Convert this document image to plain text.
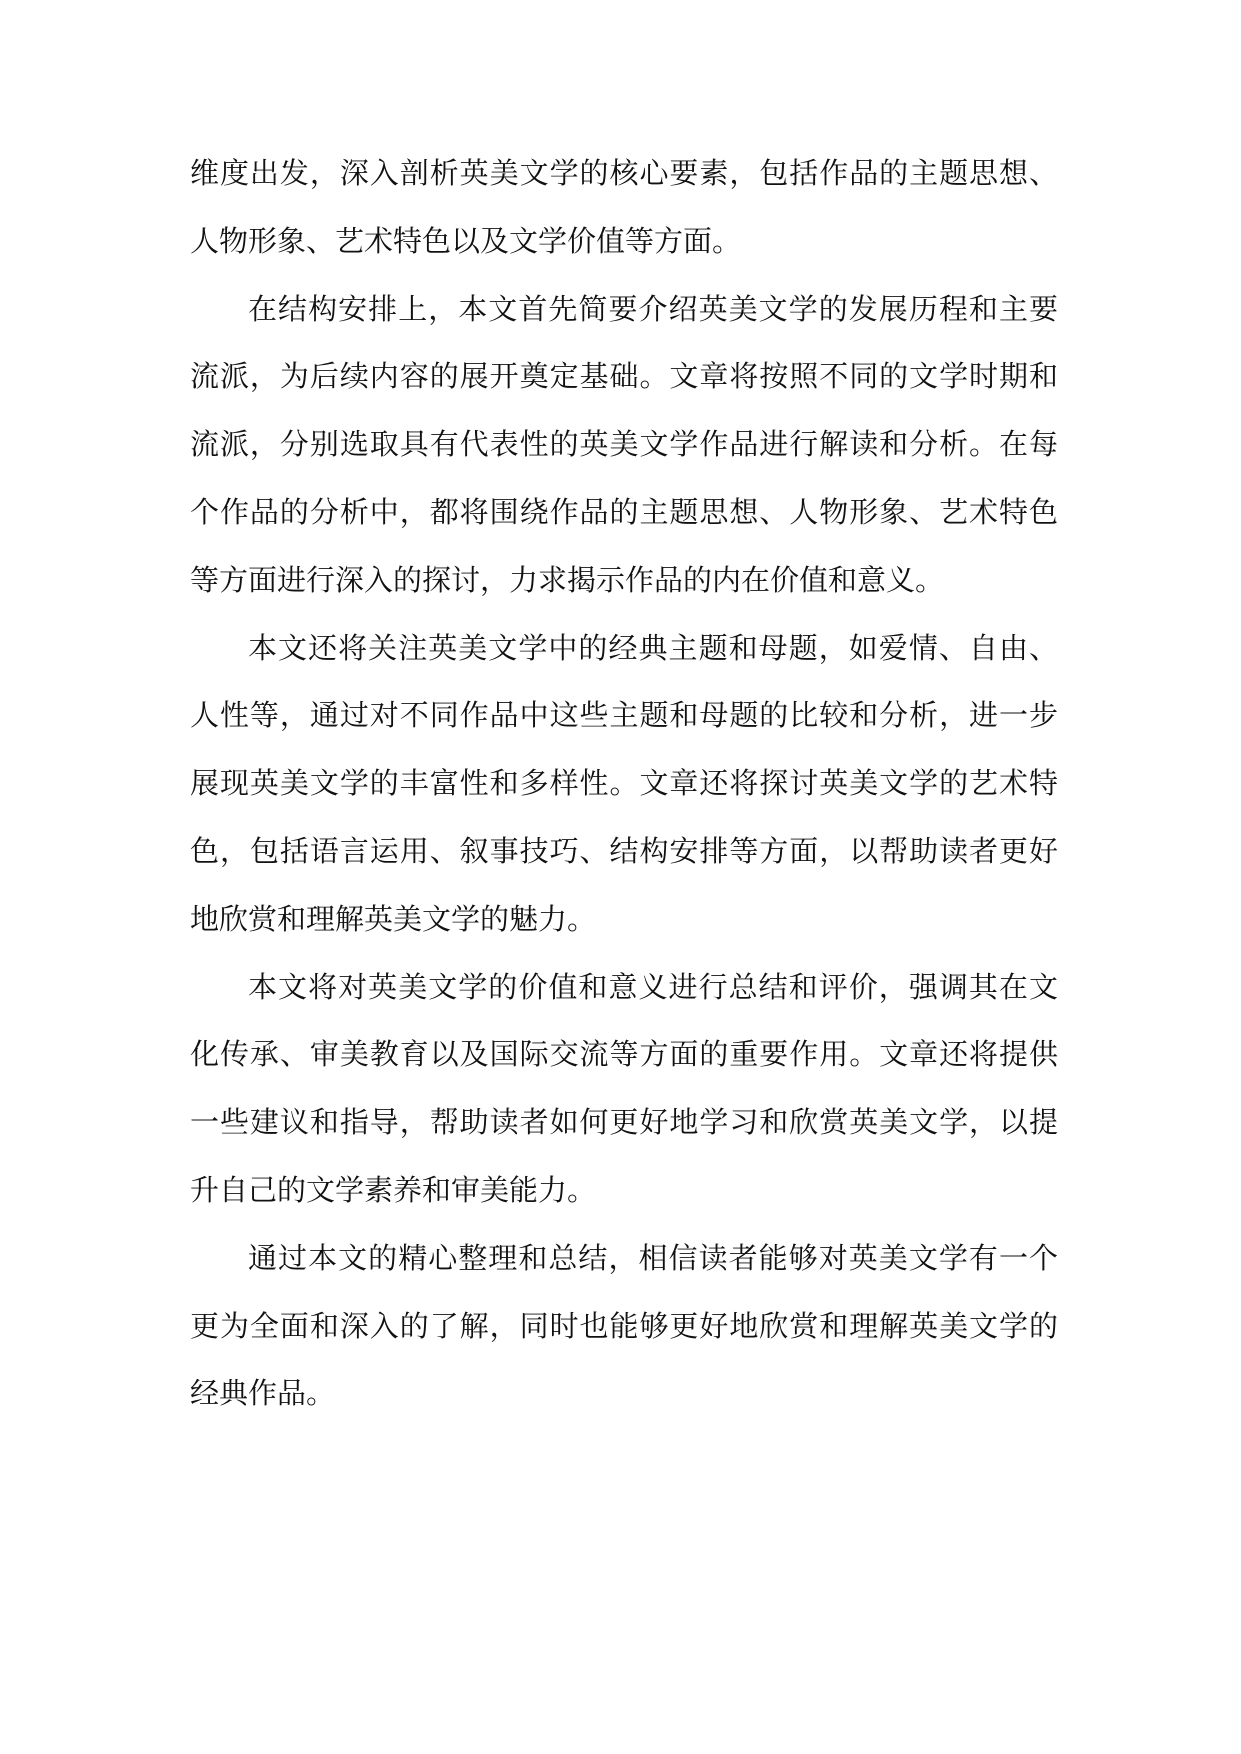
维度出发，深入剖析英美文学的核心要素，包括作品的主题思想、人物形象、艺术特色以及文学价值等方面。

在结构安排上，本文首先简要介绍英美文学的发展历程和主要流派，为后续内容的展开奠定基础。文章将按照不同的文学时期和流派，分别选取具有代表性的英美文学作品进行解读和分析。在每个作品的分析中，都将围绕作品的主题思想、人物形象、艺术特色等方面进行深入的探讨，力求揭示作品的内在价值和意义。

本文还将关注英美文学中的经典主题和母题，如爱情、自由、人性等，通过对不同作品中这些主题和母题的比较和分析，进一步展现英美文学的丰富性和多样性。文章还将探讨英美文学的艺术特色，包括语言运用、叙事技巧、结构安排等方面，以帮助读者更好地欣赏和理解英美文学的魅力。

本文将对英美文学的价值和意义进行总结和评价，强调其在文化传承、审美教育以及国际交流等方面的重要作用。文章还将提供一些建议和指导，帮助读者如何更好地学习和欣赏英美文学，以提升自己的文学素养和审美能力。

通过本文的精心整理和总结，相信读者能够对英美文学有一个更为全面和深入的了解，同时也能够更好地欣赏和理解英美文学的经典作品。
